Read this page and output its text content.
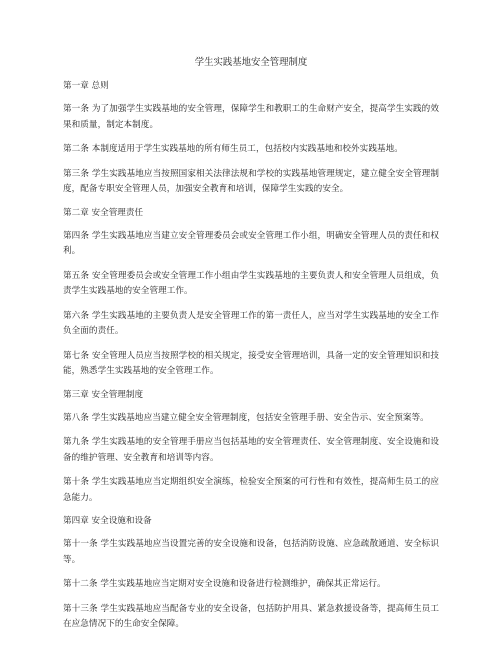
学生实践基地安全管理制度
第一章 总则
第一条 为了加强学生实践基地的安全管理，保障学生和教职工的生命财产安全，提高学生实践的效果和质量，制定本制度。
第二条 本制度适用于学生实践基地的所有师生员工，包括校内实践基地和校外实践基地。
第三条 学生实践基地应当按照国家相关法律法规和学校的实践基地管理规定，建立健全安全管理制度，配备专职安全管理人员，加强安全教育和培训，保障学生实践的安全。
第二章 安全管理责任
第四条 学生实践基地应当建立安全管理委员会或安全管理工作小组，明确安全管理人员的责任和权利。
第五条 安全管理委员会或安全管理工作小组由学生实践基地的主要负责人和安全管理人员组成，负责学生实践基地的安全管理工作。
第六条 学生实践基地的主要负责人是安全管理工作的第一责任人，应当对学生实践基地的安全工作负全面的责任。
第七条 安全管理人员应当按照学校的相关规定，接受安全管理培训，具备一定的安全管理知识和技能，熟悉学生实践基地的安全管理工作。
第三章 安全管理制度
第八条 学生实践基地应当建立健全安全管理制度，包括安全管理手册、安全告示、安全预案等。
第九条 学生实践基地的安全管理手册应当包括基地的安全管理责任、安全管理制度、安全设施和设备的维护管理、安全教育和培训等内容。
第十条 学生实践基地应当定期组织安全演练，检验安全预案的可行性和有效性，提高师生员工的应急能力。
第四章 安全设施和设备
第十一条 学生实践基地应当设置完善的安全设施和设备，包括消防设施、应急疏散通道、安全标识等。
第十二条 学生实践基地应当定期对安全设施和设备进行检测维护，确保其正常运行。
第十三条 学生实践基地应当配备专业的安全设备，包括防护用具、紧急救援设备等，提高师生员工在应急情况下的生命安全保障。
